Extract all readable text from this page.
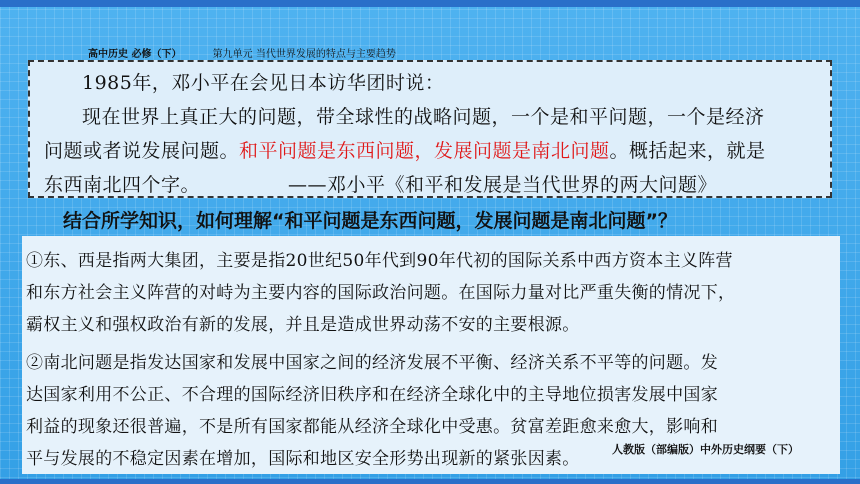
高中历史 必修（下）	第九单元 当代世界发展的特点与主要趋势
1985年，邓小平在会见日本访华团时说：
现在世界上真正大的问题，带全球性的战略问题，一个是和平问题，一个是经济
问题或者说发展问题。和平问题是东西问题，发展问题是南北问题。概括起来，就是
东西南北四个字。	——邓小平《和平和发展是当代世界的两大问题》
结合所学知识，如何理解“和平问题是东西问题，发展问题是南北问题”？
①东、西是指两大集团，主要是指20世纪50年代到90年代初的国际关系中西方资本主义阵营
和东方社会主义阵营的对峙为主要内容的国际政治问题。在国际力量对比严重失衡的情况下，
霸权主义和强权政治有新的发展，并且是造成世界动荡不安的主要根源。
②南北问题是指发达国家和发展中国家之间的经济发展不平衡、经济关系不平等的问题。发
达国家利用不公正、不合理的国际经济旧秩序和在经济全球化中的主导地位损害发展中国家
利益的现象还很普遍，不是所有国家都能从经济全球化中受惠。贫富差距愈来愈大，影响和
平与发展的不稳定因素在增加，国际和地区安全形势出现新的紧张因素。	人教版（部编版）中外历史纲要（下）
